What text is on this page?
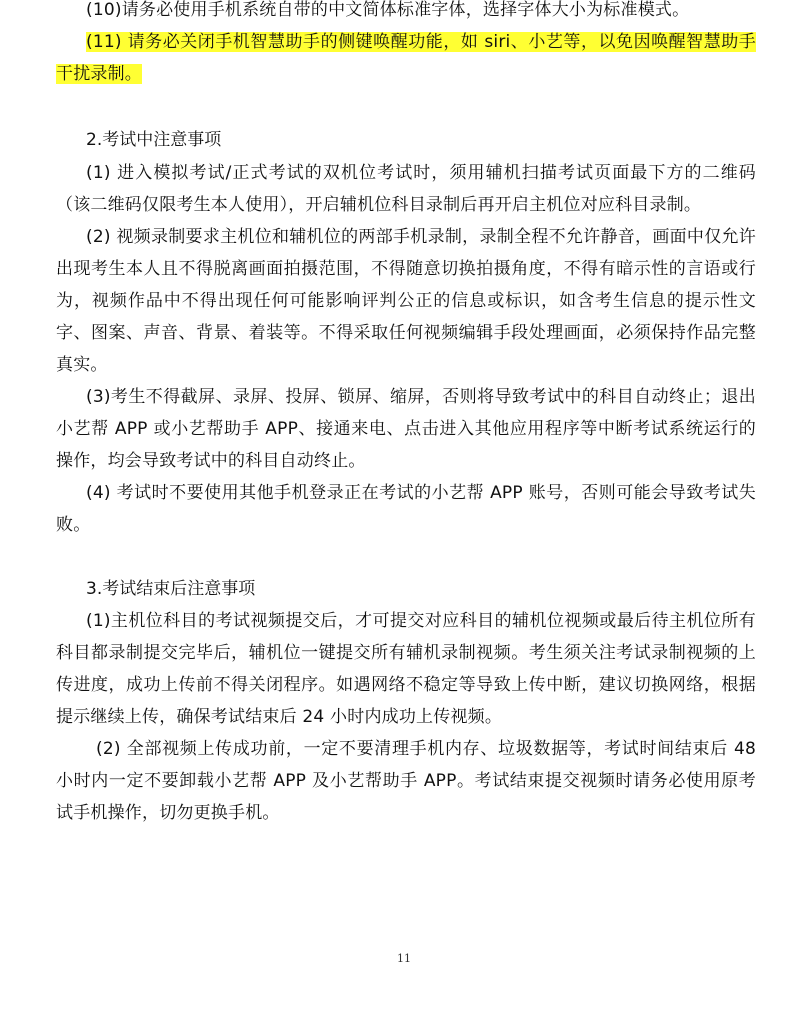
(10)请务必使用手机系统自带的中文简体标准字体，选择字体大小为标准模式。

(11) 请务必关闭手机智慧助手的侧键唤醒功能，如 siri、小艺等，以免因唤醒智慧助手干扰录制。

2.考试中注意事项

(1) 进入模拟考试/正式考试的双机位考试时，须用辅机扫描考试页面最下方的二维码（该二维码仅限考生本人使用），开启辅机位科目录制后再开启主机位对应科目录制。

(2) 视频录制要求主机位和辅机位的两部手机录制，录制全程不允许静音，画面中仅允许出现考生本人且不得脱离画面拍摄范围，不得随意切换拍摄角度，不得有暗示性的言语或行为，视频作品中不得出现任何可能影响评判公正的信息或标识，如含考生信息的提示性文字、图案、声音、背景、着装等。不得采取任何视频编辑手段处理画面，必须保持作品完整真实。

(3)考生不得截屏、录屏、投屏、锁屏、缩屏，否则将导致考试中的科目自动终止；退出小艺帮 APP 或小艺帮助手 APP、接通来电、点击进入其他应用程序等中断考试系统运行的操作，均会导致考试中的科目自动终止。

(4) 考试时不要使用其他手机登录正在考试的小艺帮 APP 账号，否则可能会导致考试失败。

3.考试结束后注意事项

(1)主机位科目的考试视频提交后，才可提交对应科目的辅机位视频或最后待主机位所有科目都录制提交完毕后，辅机位一键提交所有辅机录制视频。考生须关注考试录制视频的上传进度，成功上传前不得关闭程序。如遇网络不稳定等导致上传中断，建议切换网络，根据提示继续上传，确保考试结束后 24 小时内成功上传视频。

(2) 全部视频上传成功前，一定不要清理手机内存、垃圾数据等，考试时间结束后 48 小时内一定不要卸载小艺帮 APP 及小艺帮助手 APP。考试结束提交视频时请务必使用原考试手机操作，切勿更换手机。

11
